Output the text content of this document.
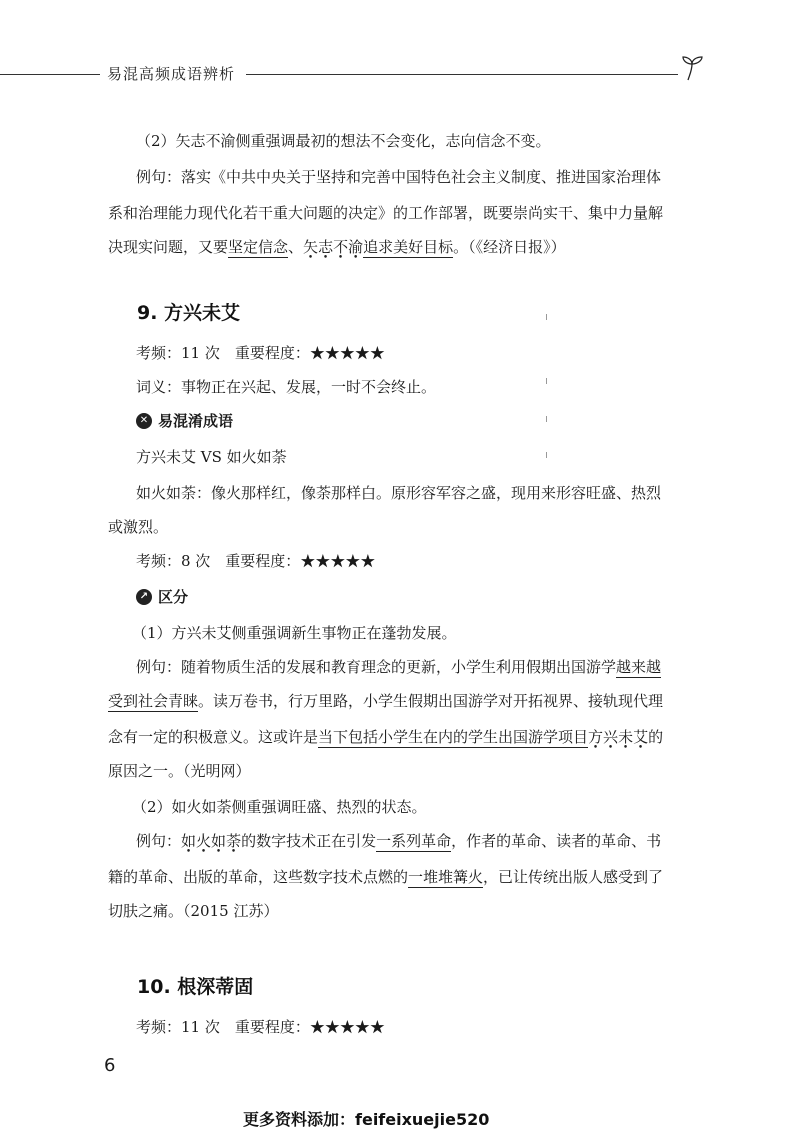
易混高频成语辨析
（2）矢志不渝侧重强调最初的想法不会变化，志向信念不变。
例句：落实《中共中央关于坚持和完善中国特色社会主义制度、推进国家治理体
系和治理能力现代化若干重大问题的决定》的工作部署，既要崇尚实干、集中力量解
决现实问题，又要坚定信念、矢志不渝追求美好目标。（《经济日报》）
9. 方兴未艾
考频：11 次　重要程度：★★★★★
词义：事物正在兴起、发展，一时不会终止。
✕ 易混淆成语
方兴未艾 VS 如火如荼
如火如荼：像火那样红，像荼那样白。原形容军容之盛，现用来形容旺盛、热烈
或激烈。
考频：8 次　重要程度：★★★★★
↗ 区分
（1）方兴未艾侧重强调新生事物正在蓬勃发展。
例句：随着物质生活的发展和教育理念的更新，小学生利用假期出国游学越来越
受到社会青睐。读万卷书，行万里路，小学生假期出国游学对开拓视界、接轨现代理
念有一定的积极意义。这或许是当下包括小学生在内的学生出国游学项目方兴未艾的
原因之一。（光明网）
（2）如火如荼侧重强调旺盛、热烈的状态。
例句：如火如荼的数字技术正在引发一系列革命，作者的革命、读者的革命、书
籍的革命、出版的革命，这些数字技术点燃的一堆堆篝火，已让传统出版人感受到了
切肤之痛。（2015 江苏）
10. 根深蒂固
考频：11 次　重要程度：★★★★★
6
更多资料添加：feifeixuejie520
